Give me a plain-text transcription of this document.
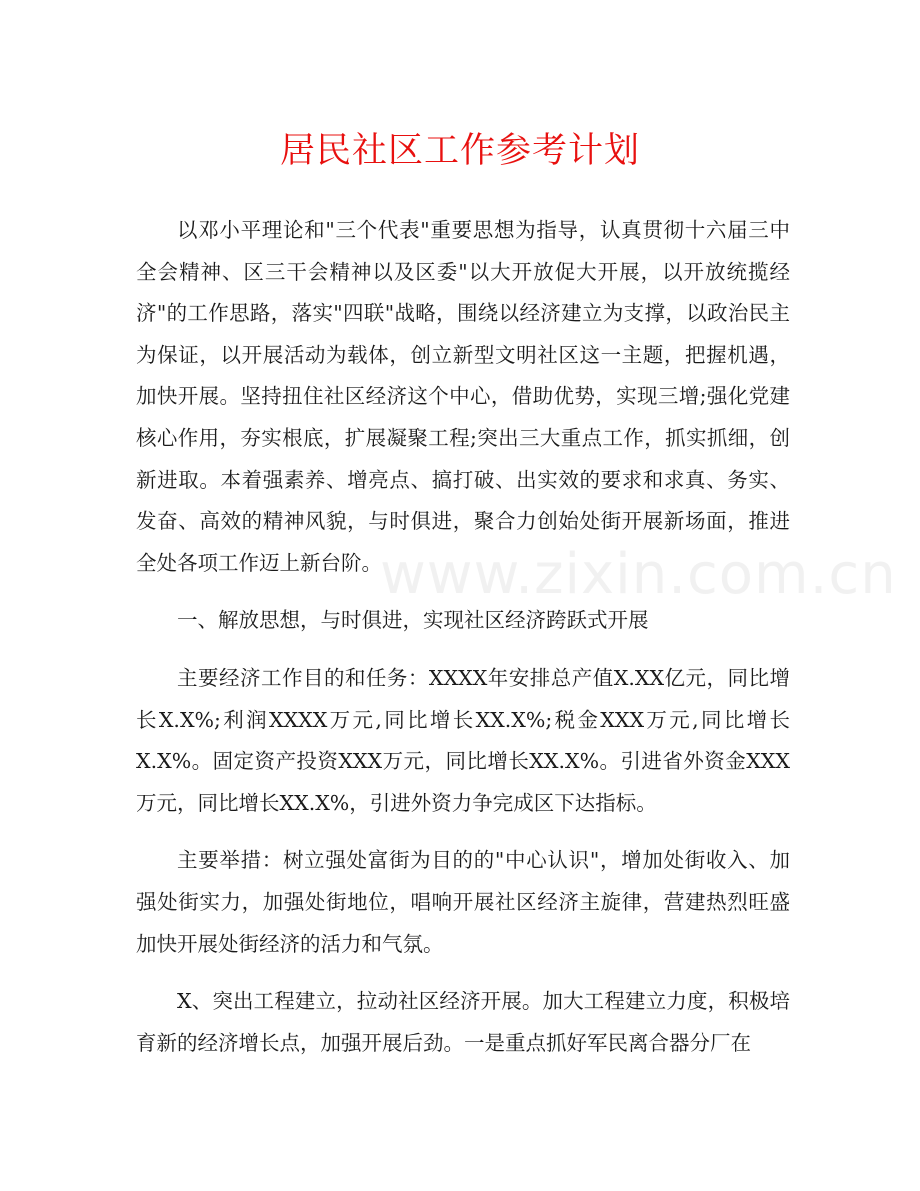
居民社区工作参考计划

以邓小平理论和"三个代表"重要思想为指导，认真贯彻十六届三中全会精神、区三干会精神以及区委"以大开放促大开展，以开放统揽经济"的工作思路，落实"四联"战略，围绕以经济建立为支撑，以政治民主为保证，以开展活动为载体，创立新型文明社区这一主题，把握机遇，加快开展。坚持扭住社区经济这个中心，借助优势，实现三增;强化党建核心作用，夯实根底，扩展凝聚工程;突出三大重点工作，抓实抓细，创新进取。本着强素养、增亮点、搞打破、出实效的要求和求真、务实、发奋、高效的精神风貌，与时俱进，聚合力创始处街开展新场面，推进全处各项工作迈上新台阶。

一、解放思想，与时俱进，实现社区经济跨跃式开展

主要经济工作目的和任务：XXXX年安排总产值X.XX亿元，同比增长X.X%;利润XXXX万元,同比增长XX.X%;税金XXX万元,同比增长X.X%。固定资产投资XXX万元，同比增长XX.X%。引进省外资金XXX万元，同比增长XX.X%，引进外资力争完成区下达指标。

主要举措：树立强处富街为目的的"中心认识"，增加处街收入、加强处街实力，加强处街地位，唱响开展社区经济主旋律，营建热烈旺盛加快开展处街经济的活力和气氛。

X、突出工程建立，拉动社区经济开展。加大工程建立力度，积极培育新的经济增长点，加强开展后劲。一是重点抓好军民离合器分厂在

www.zixin.com.cn
